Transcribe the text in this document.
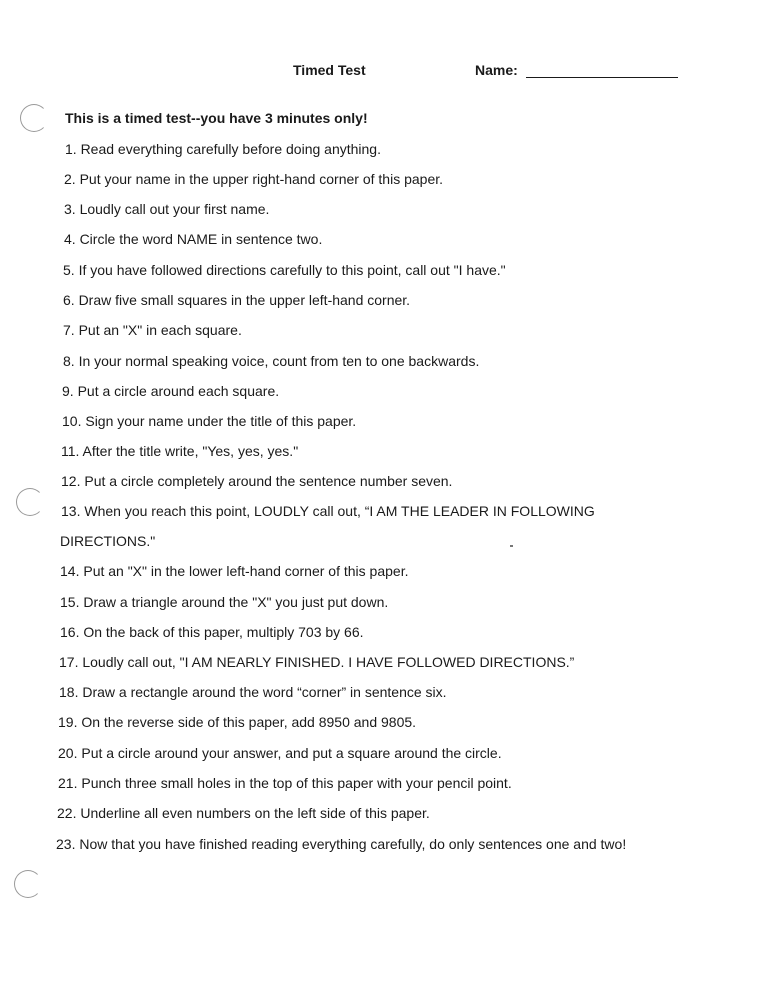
Timed Test	Name:
This is a timed test--you have 3 minutes only!
1. Read everything carefully before doing anything.
2. Put your name in the upper right-hand corner of this paper.
3. Loudly call out your first name.
4. Circle the word NAME in sentence two.
5. If you have followed directions carefully to this point, call out "I have."
6. Draw five small squares in the upper left-hand corner.
7. Put an "X" in each square.
8. In your normal speaking voice, count from ten to one backwards.
9. Put a circle around each square.
10. Sign your name under the title of this paper.
11. After the title write, "Yes, yes, yes."
12. Put a circle completely around the sentence number seven.
13. When you reach this point, LOUDLY call out, “I AM THE LEADER IN FOLLOWING
DIRECTIONS."
14. Put an "X" in the lower left-hand corner of this paper.
15. Draw a triangle around the "X" you just put down.
16. On the back of this paper, multiply 703 by 66.
17. Loudly call out, "I AM NEARLY FINISHED. I HAVE FOLLOWED DIRECTIONS.”
18. Draw a rectangle around the word “corner” in sentence six.
19. On the reverse side of this paper, add 8950 and 9805.
20. Put a circle around your answer, and put a square around the circle.
21. Punch three small holes in the top of this paper with your pencil point.
22. Underline all even numbers on the left side of this paper.
23. Now that you have finished reading everything carefully, do only sentences one and two!
